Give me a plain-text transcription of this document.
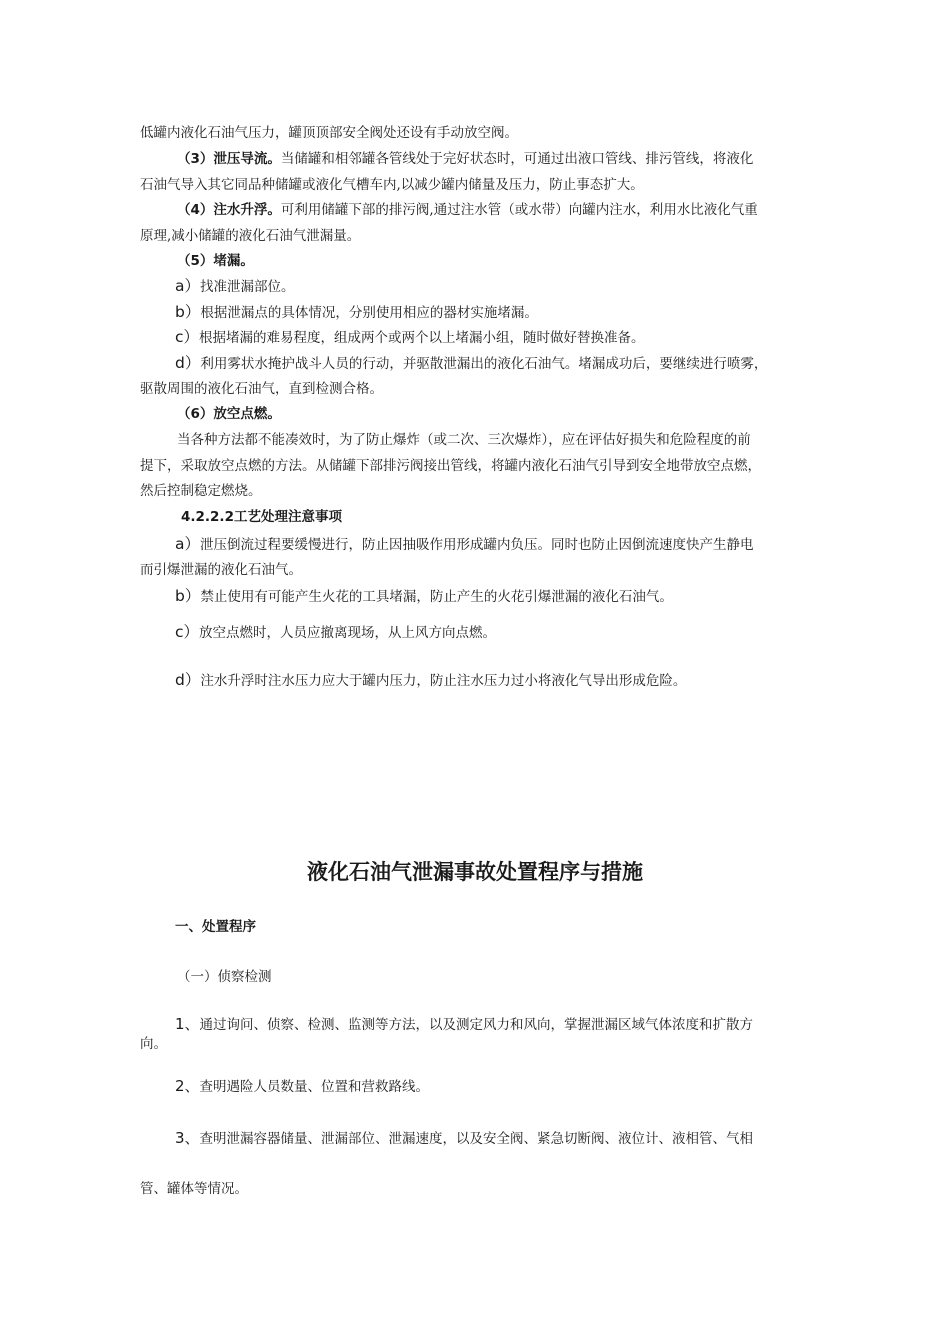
低罐内液化石油气压力，罐顶顶部安全阀处还设有手动放空阀。
（3）泄压导流。当储罐和相邻罐各管线处于完好状态时，可通过出液口管线、排污管线，将液化
石油气导入其它同品种储罐或液化气槽车内,以减少罐内储量及压力，防止事态扩大。
（4）注水升浮。可利用储罐下部的排污阀,通过注水管（或水带）向罐内注水，利用水比液化气重
原理,减小储罐的液化石油气泄漏量。
（5）堵漏。
a）找准泄漏部位。
b）根据泄漏点的具体情况，分别使用相应的器材实施堵漏。
c）根据堵漏的难易程度，组成两个或两个以上堵漏小组，随时做好替换准备。
d）利用雾状水掩护战斗人员的行动，并驱散泄漏出的液化石油气。堵漏成功后，要继续进行喷雾，
驱散周围的液化石油气，直到检测合格。
（6）放空点燃。
当各种方法都不能凑效时，为了防止爆炸（或二次、三次爆炸），应在评估好损失和危险程度的前
提下，采取放空点燃的方法。从储罐下部排污阀接出管线，将罐内液化石油气引导到安全地带放空点燃，
然后控制稳定燃烧。
4.2.2.2工艺处理注意事项
a）泄压倒流过程要缓慢进行，防止因抽吸作用形成罐内负压。同时也防止因倒流速度快产生静电
而引爆泄漏的液化石油气。
b）禁止使用有可能产生火花的工具堵漏，防止产生的火花引爆泄漏的液化石油气。
c）放空点燃时，人员应撤离现场，从上风方向点燃。
d）注水升浮时注水压力应大于罐内压力，防止注水压力过小将液化气导出形成危险。
液化石油气泄漏事故处置程序与措施
一、处置程序
（一）侦察检测
1、通过询问、侦察、检测、监测等方法，以及测定风力和风向，掌握泄漏区域气体浓度和扩散方
向。
2、查明遇险人员数量、位置和营救路线。
3、查明泄漏容器储量、泄漏部位、泄漏速度，以及安全阀、紧急切断阀、液位计、液相管、气相
管、罐体等情况。
